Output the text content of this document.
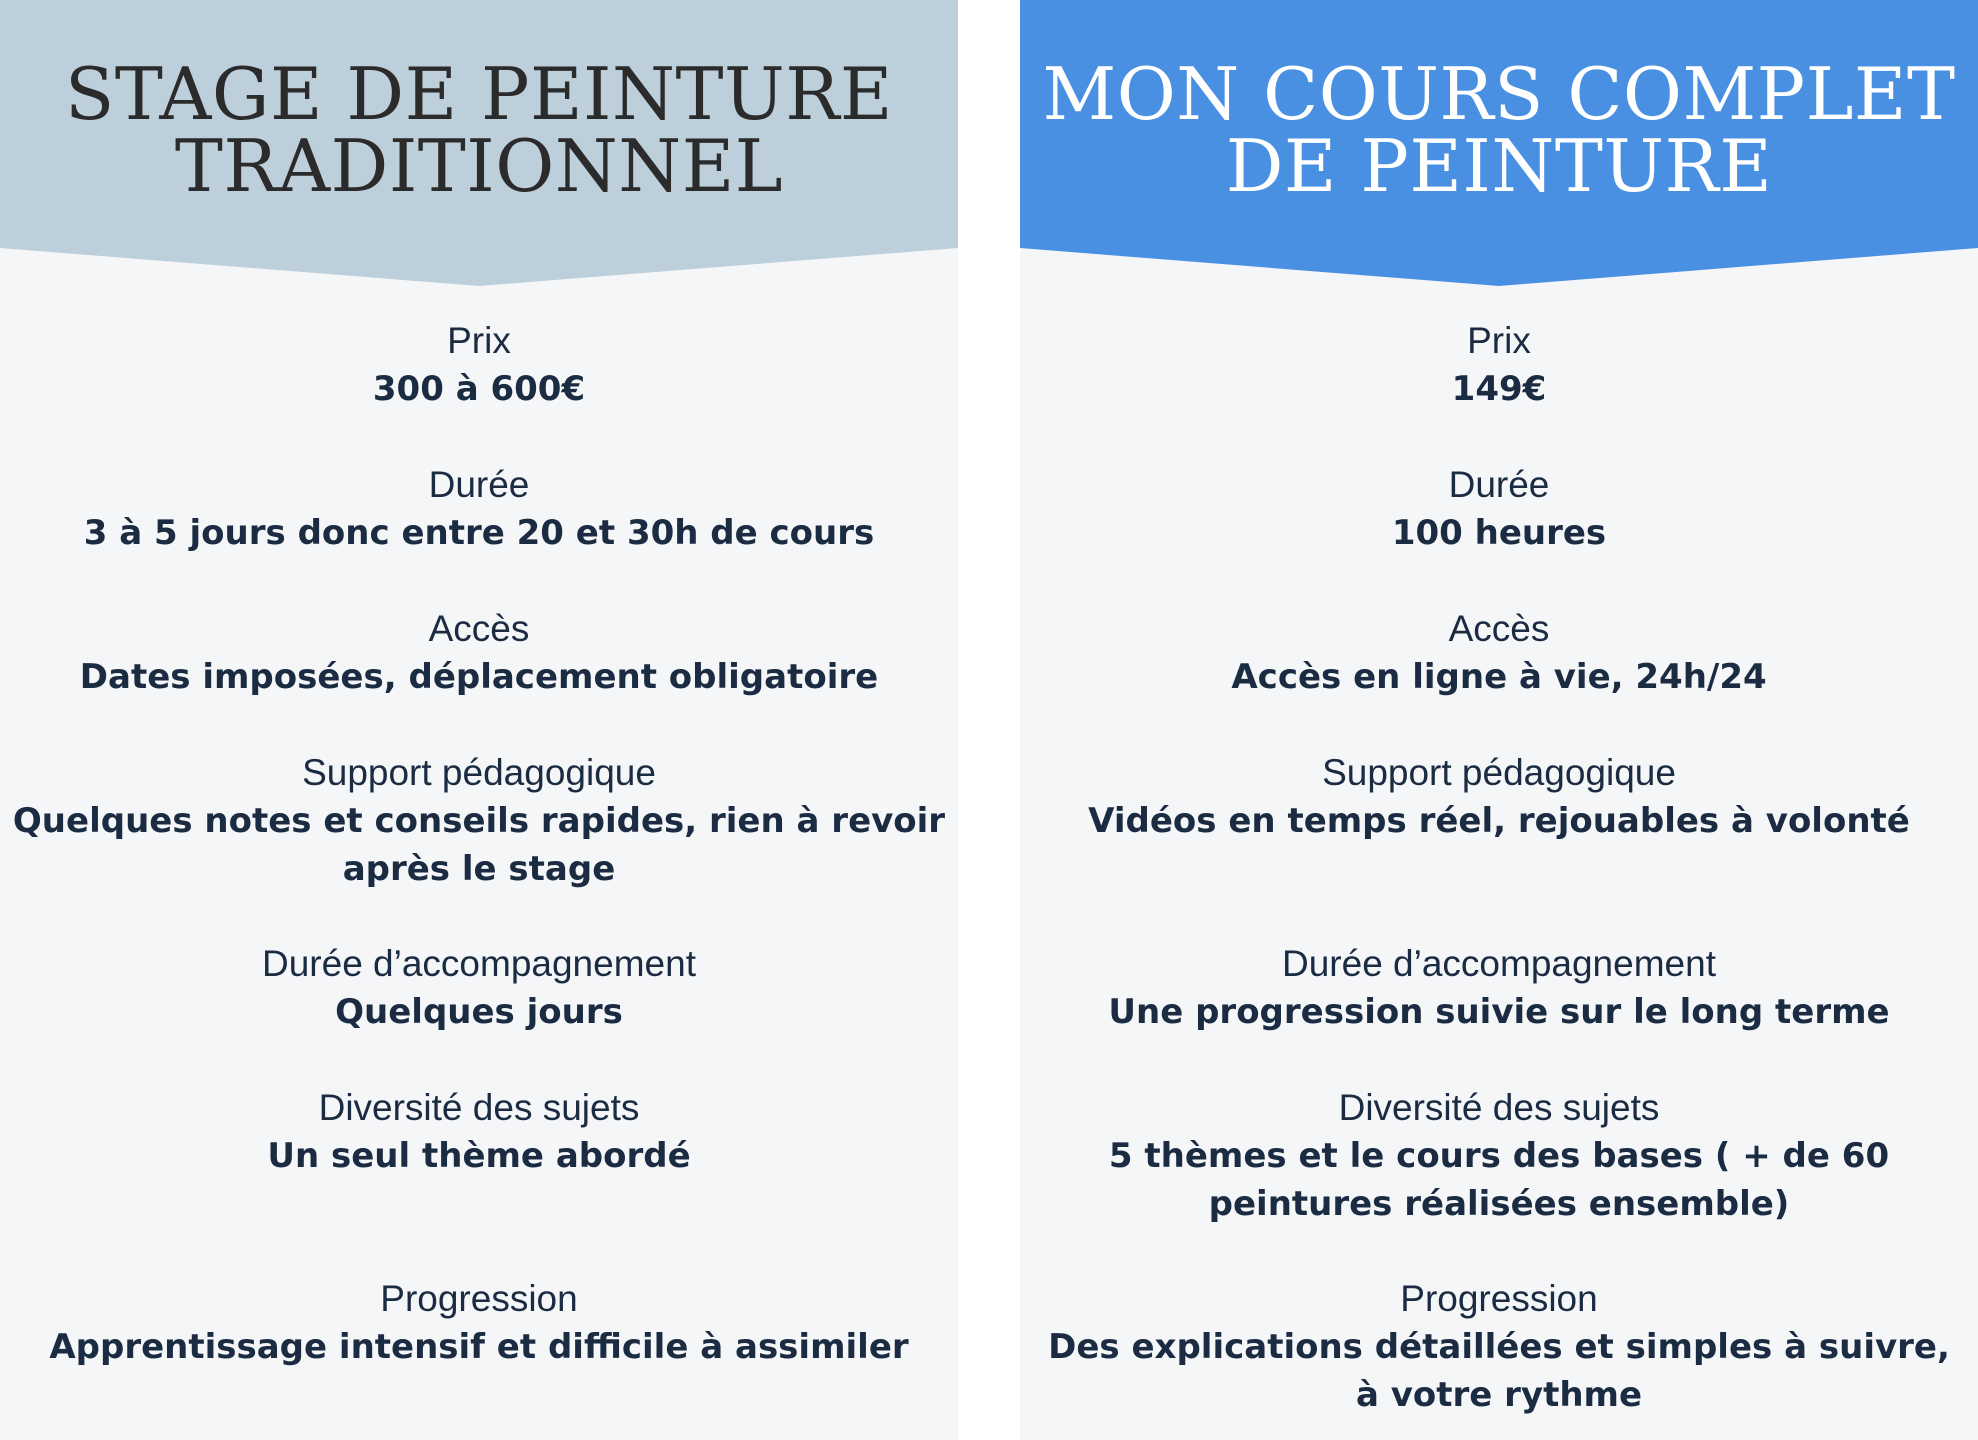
STAGE DE PEINTURE
TRADITIONNEL
Prix
300 à 600€
Durée
3 à 5 jours donc entre 20 et 30h de cours
Accès
Dates imposées, déplacement obligatoire
Support pédagogique
Quelques notes et conseils rapides, rien à revoir après le stage
Durée d’accompagnement
Quelques jours
Diversité des sujets
Un seul thème abordé
Progression
Apprentissage intensif et difficile à assimiler
MON COURS COMPLET
DE PEINTURE
Prix
149€
Durée
100 heures
Accès
Accès en ligne à vie, 24h/24
Support pédagogique
Vidéos en temps réel, rejouables à volonté
Durée d’accompagnement
Une progression suivie sur le long terme
Diversité des sujets
5 thèmes et le cours des bases ( + de 60 peintures réalisées ensemble)
Progression
Des explications détaillées et simples à suivre, à votre rythme
